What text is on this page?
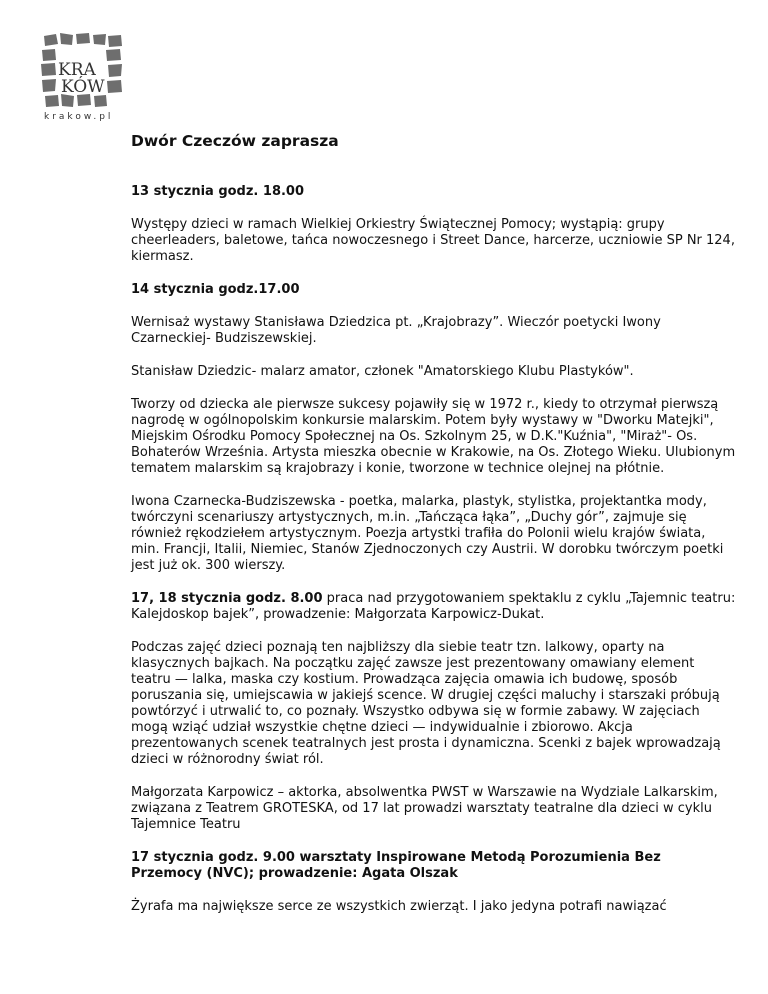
KRA
KÓW
krakow.pl
Dwór Czeczów zaprasza

13 stycznia godz. 18.00

Występy dzieci w ramach Wielkiej Orkiestry Świątecznej Pomocy; wystąpią: grupy cheerleaders, baletowe, tańca nowoczesnego i Street Dance, harcerze, uczniowie SP Nr 124, kiermasz.

14 stycznia godz.17.00

Wernisaż wystawy Stanisława Dziedzica pt. „Krajobrazy”. Wieczór poetycki Iwony Czarneckiej- Budziszewskiej.

Stanisław Dziedzic- malarz amator, członek "Amatorskiego Klubu Plastyków".

Tworzy od dziecka ale pierwsze sukcesy pojawiły się w 1972 r., kiedy to otrzymał pierwszą nagrodę w ogólnopolskim konkursie malarskim. Potem były wystawy w "Dworku Matejki", Miejskim Ośrodku Pomocy Społecznej na Os. Szkolnym 25, w D.K."Kuźnia", "Miraż"- Os. Bohaterów Września. Artysta mieszka obecnie w Krakowie, na Os. Złotego Wieku. Ulubionym tematem malarskim są krajobrazy i konie, tworzone w technice olejnej na płótnie.

Iwona Czarnecka-Budziszewska - poetka, malarka, plastyk, stylistka, projektantka mody, twórczyni scenariuszy artystycznych, m.in. „Tańcząca łąka”, „Duchy gór”, zajmuje się również rękodziełem artystycznym. Poezja artystki trafiła do Polonii wielu krajów świata, min. Francji, Italii, Niemiec, Stanów Zjednoczonych czy Austrii. W dorobku twórczym poetki jest już ok. 300 wierszy.

17, 18 stycznia godz. 8.00 praca nad przygotowaniem spektaklu z cyklu „Tajemnic teatru: Kalejdoskop bajek”, prowadzenie: Małgorzata Karpowicz-Dukat.

Podczas zajęć dzieci poznają ten najbliższy dla siebie teatr tzn. lalkowy, oparty na klasycznych bajkach. Na początku zajęć zawsze jest prezentowany omawiany element teatru — lalka, maska czy kostium. Prowadząca zajęcia omawia ich budowę, sposób poruszania się, umiejscawia w jakiejś scence. W drugiej części maluchy i starszaki próbują powtórzyć i utrwalić to, co poznały. Wszystko odbywa się w formie zabawy. W zajęciach mogą wziąć udział wszystkie chętne dzieci — indywidualnie i zbiorowo. Akcja prezentowanych scenek teatralnych jest prosta i dynamiczna. Scenki z bajek wprowadzają dzieci w różnorodny świat ról.

Małgorzata Karpowicz – aktorka, absolwentka PWST w Warszawie na Wydziale Lalkarskim, związana z Teatrem GROTESKA, od 17 lat prowadzi warsztaty teatralne dla dzieci w cyklu Tajemnice Teatru

17 stycznia godz. 9.00 warsztaty Inspirowane Metodą Porozumienia Bez Przemocy (NVC); prowadzenie: Agata Olszak

Żyrafa ma największe serce ze wszystkich zwierząt. I jako jedyna potrafi nawiązać
